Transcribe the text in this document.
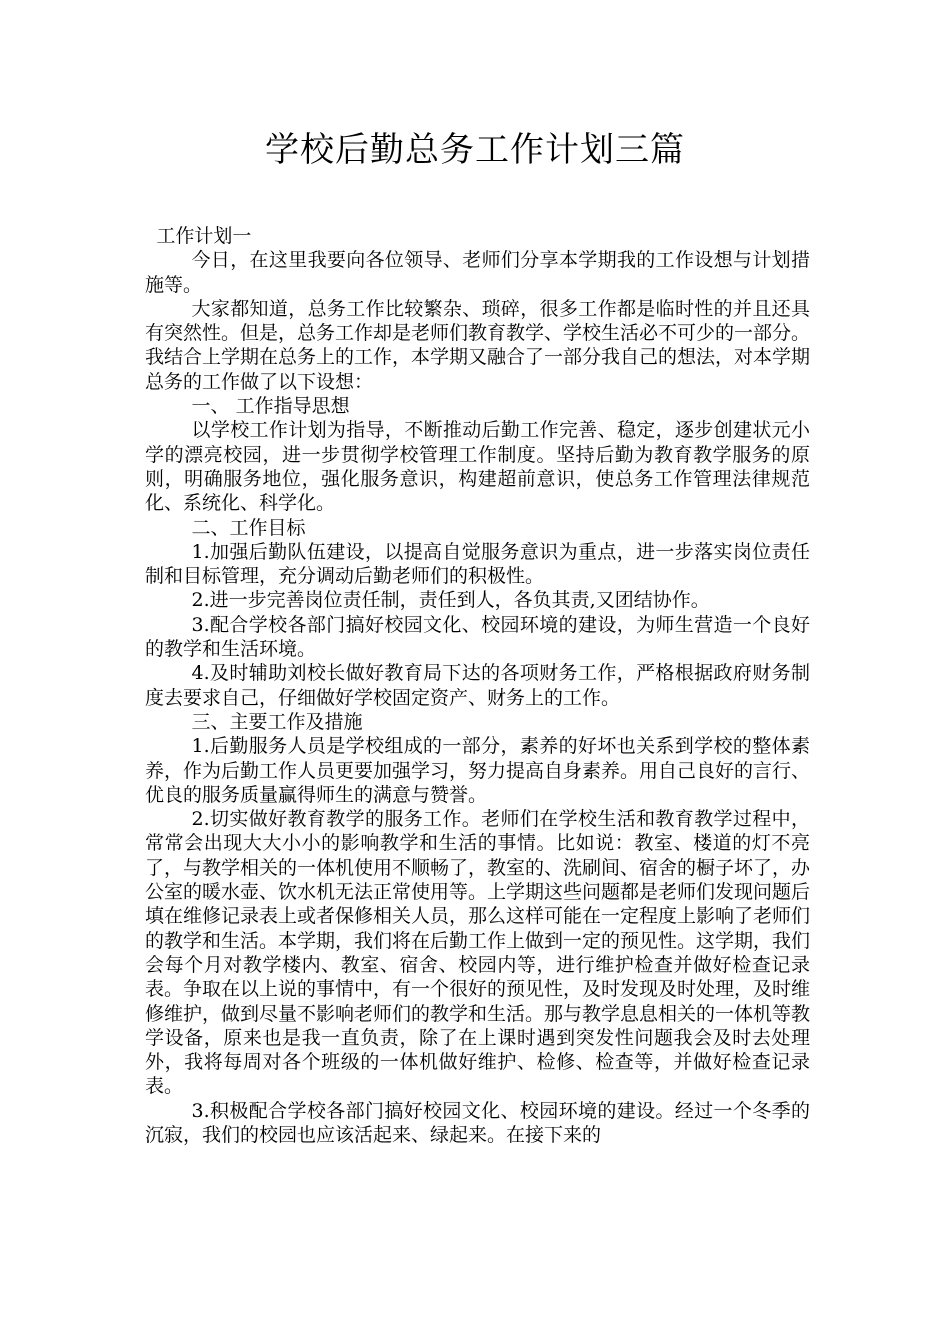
学校后勤总务工作计划三篇

工作计划一

今日，在这里我要向各位领导、老师们分享本学期我的工作设想与计划措施等。

大家都知道，总务工作比较繁杂、琐碎，很多工作都是临时性的并且还具有突然性。但是，总务工作却是老师们教育教学、学校生活必不可少的一部分。我结合上学期在总务上的工作，本学期又融合了一部分我自己的想法，对本学期总务的工作做了以下设想：

一、 工作指导思想

以学校工作计划为指导，不断推动后勤工作完善、稳定，逐步创建状元小学的漂亮校园，进一步贯彻学校管理工作制度。坚持后勤为教育教学服务的原则，明确服务地位，强化服务意识，构建超前意识，使总务工作管理法律规范化、系统化、科学化。

二、工作目标

1.加强后勤队伍建设，以提高自觉服务意识为重点，进一步落实岗位责任制和目标管理，充分调动后勤老师们的积极性。

2.进一步完善岗位责任制，责任到人，各负其责,又团结协作。

3.配合学校各部门搞好校园文化、校园环境的建设，为师生营造一个良好的教学和生活环境。

4.及时辅助刘校长做好教育局下达的各项财务工作，严格根据政府财务制度去要求自己，仔细做好学校固定资产、财务上的工作。

三、主要工作及措施

1.后勤服务人员是学校组成的一部分，素养的好坏也关系到学校的整体素养，作为后勤工作人员更要加强学习，努力提高自身素养。用自己良好的言行、优良的服务质量赢得师生的满意与赞誉。

2.切实做好教育教学的服务工作。老师们在学校生活和教育教学过程中，常常会出现大大小小的影响教学和生活的事情。比如说：教室、楼道的灯不亮了，与教学相关的一体机使用不顺畅了，教室的、洗刷间、宿舍的橱子坏了，办公室的暖水壶、饮水机无法正常使用等。上学期这些问题都是老师们发现问题后填在维修记录表上或者保修相关人员，那么这样可能在一定程度上影响了老师们的教学和生活。本学期，我们将在后勤工作上做到一定的预见性。这学期，我们会每个月对教学楼内、教室、宿舍、校园内等，进行维护检查并做好检查记录表。争取在以上说的事情中，有一个很好的预见性，及时发现及时处理，及时维修维护，做到尽量不影响老师们的教学和生活。那与教学息息相关的一体机等教学设备，原来也是我一直负责，除了在上课时遇到突发性问题我会及时去处理外，我将每周对各个班级的一体机做好维护、检修、检查等，并做好检查记录表。

3.积极配合学校各部门搞好校园文化、校园环境的建设。经过一个冬季的沉寂，我们的校园也应该活起来、绿起来。在接下来的
